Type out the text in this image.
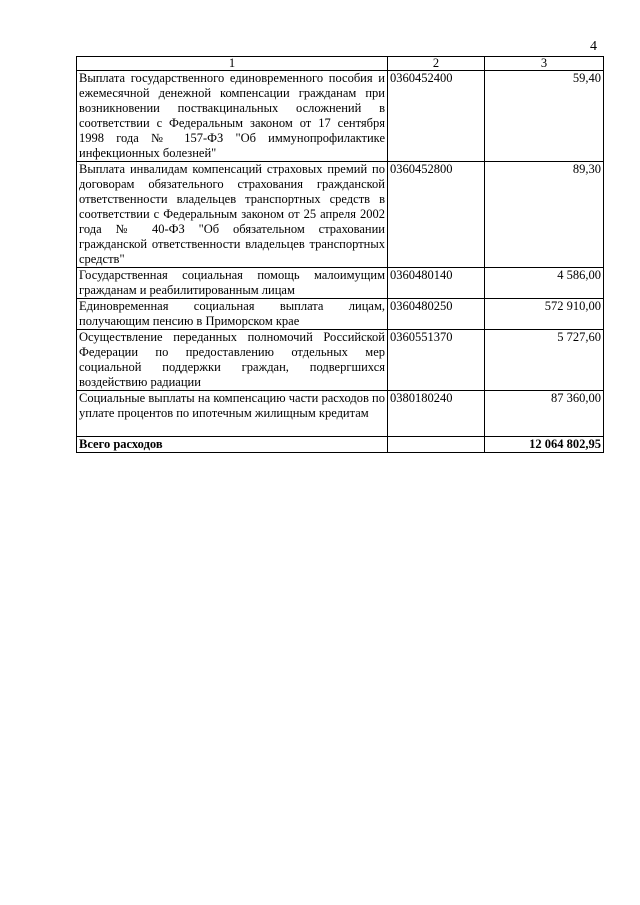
4
1	2	3
Выплата государственного единовременного пособия и ежемесячной денежной компенсации гражданам при возникновении поствакцинальных осложнений в соответствии с Федеральным законом от 17 сентября 1998 года № 157-ФЗ "Об иммунопрофилактике инфекционных болезней"	0360452400	59,40
Выплата инвалидам компенсаций страховых премий по договорам обязательного страхования гражданской ответственности владельцев транспортных средств в соответствии с Федеральным законом от 25 апреля 2002 года № 40-ФЗ "Об обязательном страховании гражданской ответственности владельцев транспортных средств"	0360452800	89,30
Государственная социальная помощь малоимущим гражданам и реабилитированным лицам	0360480140	4 586,00
Единовременная социальная выплата лицам, получающим пенсию в Приморском крае	0360480250	572 910,00
Осуществление переданных полномочий Российской Федерации по предоставлению отдельных мер социальной поддержки граждан, подвергшихся воздействию радиации	0360551370	5 727,60
Социальные выплаты на компенсацию части расходов по уплате процентов по ипотечным жилищным кредитам	0380180240	87 360,00
Всего расходов		12 064 802,95
